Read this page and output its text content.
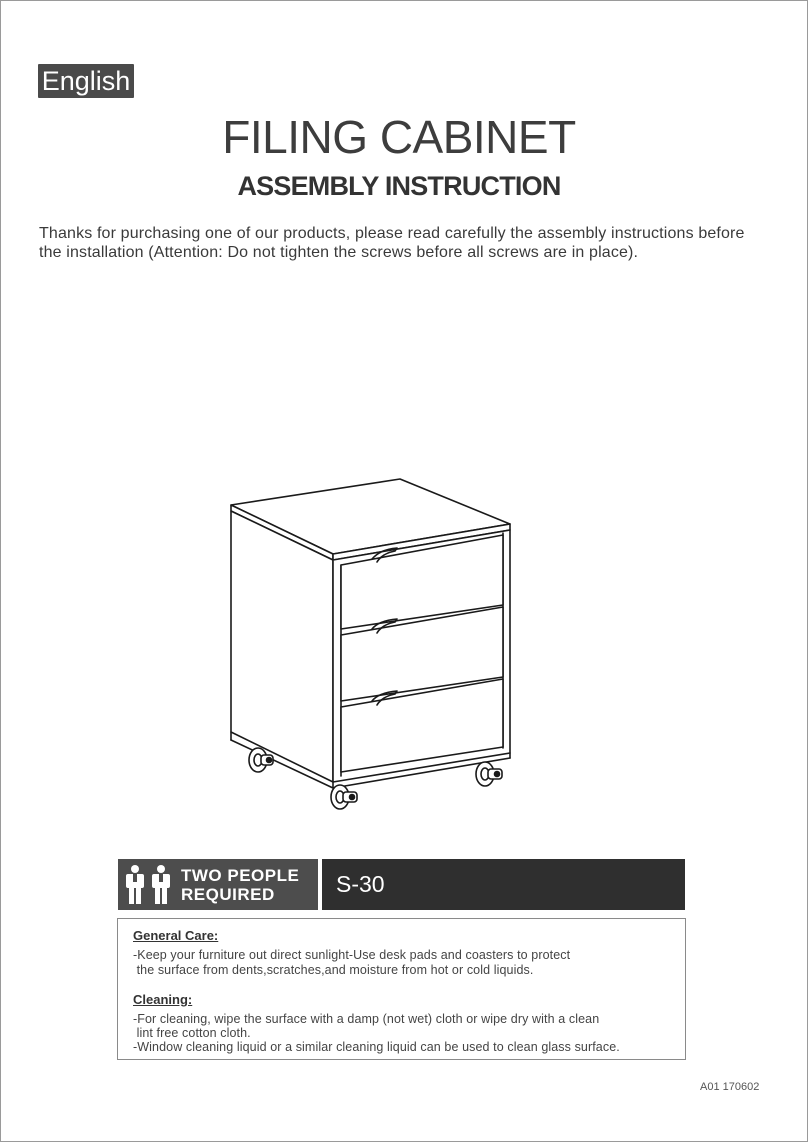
English
FILING CABINET
ASSEMBLY INSTRUCTION
Thanks for purchasing one of our products, please read carefully the assembly instructions before
the installation (Attention: Do not tighten the screws before all screws are in place).
TWO PEOPLE
REQUIRED	S-30
General Care:
-Keep your furniture out direct sunlight-Use desk pads and coasters to protect
the surface from dents,scratches,and moisture from hot or cold liquids.
Cleaning:
-For cleaning, wipe the surface with a damp (not wet) cloth or wipe dry with a clean
lint free cotton cloth.
-Window cleaning liquid or a similar cleaning liquid can be used to clean glass surface.
A01 170602
